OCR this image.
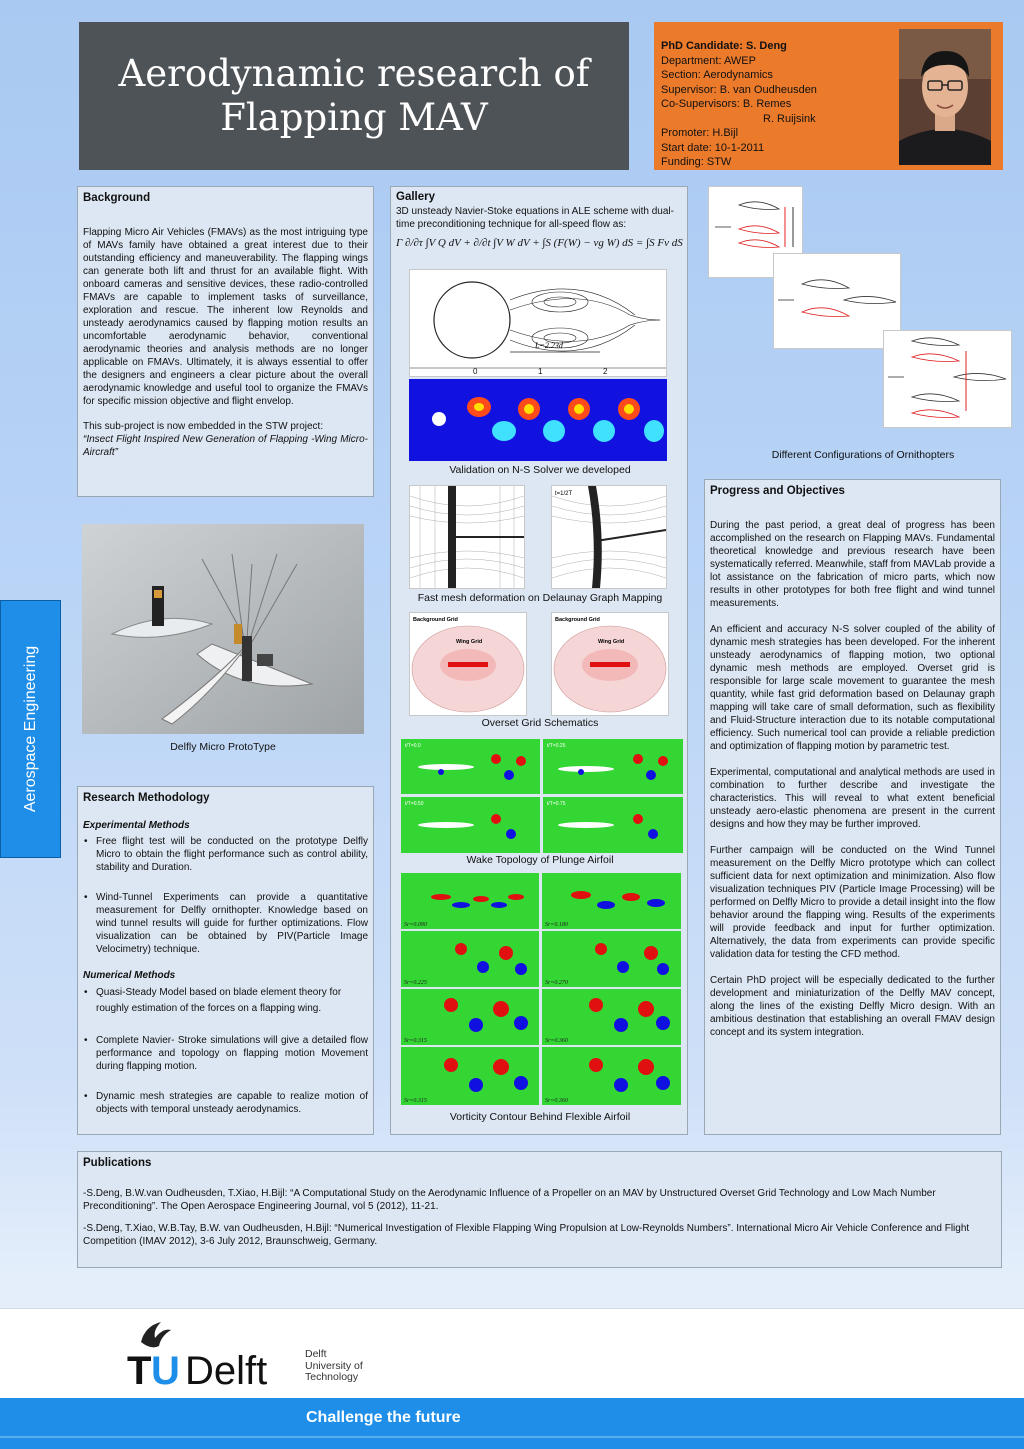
Aerodynamic research of
Flapping MAV
PhD Candidate: S. Deng
Department: AWEP
Section: Aerodynamics
Supervisor: B. van Oudheusden
Co-Supervisors: B. Remes
R. Ruijsink
Promoter: H.Bijl
Start date: 10-1-2011
Funding: STW
Aerospace Engineering
Background

Flapping Micro Air Vehicles (FMAVs) as the most intriguing type of MAVs family have obtained a great interest due to their outstanding efficiency and maneuverability. The flapping wings can generate both lift and thrust for an available flight. With onboard cameras and sensitive devices, these radio-controlled FMAVs are capable to implement tasks of surveillance, exploration and rescue. The inherent low Reynolds and unsteady aerodynamics caused by flapping motion results an uncomfortable aerodynamic behavior, conventional aerodynamic theories and analysis methods are no longer applicable on FMAVs. Ultimately, it is always essential to offer the designers and engineers a clear picture about the overall aerodynamic knowledge and useful tool to organize the FMAVs for specific mission objective and flight envelop.

This sub-project is now embedded in the STW project:

“Insect Flight Inspired New Generation of Flapping -Wing Micro- Aircraft”

Delfly Micro ProtoType
Research Methodology
Experimental Methods
• Free flight test will be conducted on the prototype Delfly Micro to obtain the flight performance such as control ability, stability and Duration.
• Wind-Tunnel Experiments can provide a quantitative measurement for Delfly ornithopter. Knowledge based on wind tunnel results will guide for further optimizations. Flow visualization can be obtained by PIV(Particle Image Velocimetry) technique.
Numerical Methods
• Quasi-Steady Model based on blade element theory for roughly estimation of the forces on a flapping wing.
• Complete Navier- Stroke simulations will give a detailed flow performance and topology on flapping motion Movement during flapping motion.
• Dynamic mesh strategies are capable to realize motion of objects with temporal unsteady aerodynamics.
Gallery
3D unsteady Navier-Stoke equations in ALE scheme with dual-time preconditioning technique for all-speed flow as:
Γ ∂/∂τ ∫V Q dV + ∂/∂t ∫V W dV + ∫S (F(W) − vg W) dS = ∫S Fv dS
L=2.23d
0	1	2
Validation on N-S Solver we developed
t=1/2T
Fast mesh deformation on Delaunay Graph Mapping
Background Grid
Wing Grid
Background Grid
Wing Grid
Overset Grid Schematics
t/T=0.0	t/T=0.25
t/T=0.50	t/T=0.75
Wake Topology of Plunge Airfoil
Sr=0.090	Sr=0.180
Sr=0.225	Sr=0.270
Sr=0.315	Sr=0.360
Sr=0.315	Sr=0.360
Vorticity Contour Behind Flexible Airfoil
Different Configurations of Ornithopters
Progress and Objectives

During the past period, a great deal of progress has been accomplished on the research on Flapping MAVs. Fundamental theoretical knowledge and previous research have been systematically referred. Meanwhile, staff from MAVLab provide a lot assistance on the fabrication of micro parts, which now results in other prototypes for both free flight and wind tunnel measurements.

An efficient and accuracy N-S solver coupled of the ability of dynamic mesh strategies has been developed. For the inherent unsteady aerodynamics of flapping motion, two optional dynamic mesh methods are employed. Overset grid is responsible for large scale movement to guarantee the mesh quantity, while fast grid deformation based on Delaunay graph mapping will take care of small deformation, such as flexibility and Fluid-Structure interaction due to its notable computational efficiency. Such numerical tool can provide a reliable prediction and optimization of flapping motion by parametric test.

Experimental, computational and analytical methods are used in combination to further describe and investigate the characteristics. This will reveal to what extent beneficial unsteady aero-elastic phenomena are present in the current designs and how they may be further improved.

Further campaign will be conducted on the Wind Tunnel measurement on the Delfly Micro prototype which can collect sufficient data for next optimization and minimization. Also flow visualization techniques PIV (Particle Image Processing) will be performed on Delfly Micro to provide a detail insight into the flow behavior around the flapping wing. Results of the experiments will provide feedback and input for further optimization. Alternatively, the data from experiments can provide specific validation data for testing the CFD method.

Certain PhD project will be especially dedicated to the further development and miniaturization of the Delfly MAV concept, along the lines of the existing Delfly Micro design. With an ambitious destination that establishing an overall FMAV design concept and its system integration.

Publications
-S.Deng, B.W.van Oudheusden, T.Xiao, H.Bijl: “A Computational Study on the Aerodynamic Influence of a Propeller on an MAV by Unstructured Overset Grid Technology and Low Mach Number Preconditioning”. The Open Aerospace Engineering Journal, vol 5 (2012), 11-21.
-S.Deng, T.Xiao, W.B.Tay, B.W. van Oudheusden, H.Bijl: “Numerical Investigation of Flexible Flapping Wing Propulsion at Low-Reynolds Numbers”. International Micro Air Vehicle Conference and Flight Competition (IMAV 2012), 3-6 July 2012, Braunschweig, Germany.
T U Delft	Delft
University of
Technology
Challenge the future
